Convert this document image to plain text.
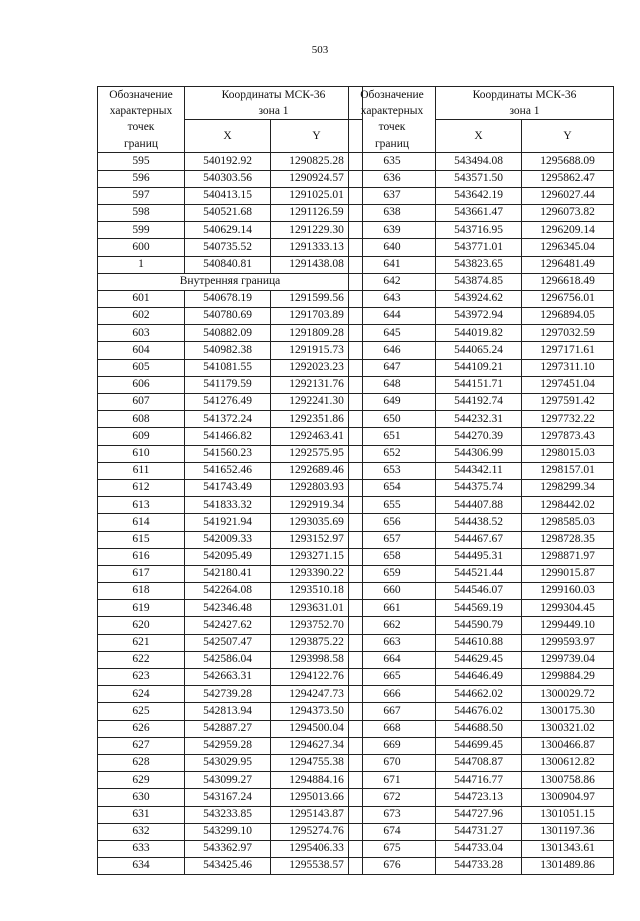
503
Обозначение
характерных
точек
границ	Координаты МСК-36
зона 1	

	X	Y
595	540192.92	1290825.28
596	540303.56	1290924.57
597	540413.15	1291025.01
598	540521.68	1291126.59
599	540629.14	1291229.30
600	540735.52	1291333.13
1	540840.81	1291438.08
Внутренняя граница		
601	540678.19	1291599.56
602	540780.69	1291703.89
603	540882.09	1291809.28
604	540982.38	1291915.73
605	541081.55	1292023.23
606	541179.59	1292131.76
607	541276.49	1292241.30
608	541372.24	1292351.86
609	541466.82	1292463.41
610	541560.23	1292575.95
611	541652.46	1292689.46
612	541743.49	1292803.93
613	541833.32	1292919.34
614	541921.94	1293035.69
615	542009.33	1293152.97
616	542095.49	1293271.15
617	542180.41	1293390.22
618	542264.08	1293510.18
619	542346.48	1293631.01
620	542427.62	1293752.70
621	542507.47	1293875.22
622	542586.04	1293998.58
623	542663.31	1294122.76
624	542739.28	1294247.73
625	542813.94	1294373.50
626	542887.27	1294500.04
627	542959.28	1294627.34
628	543029.95	1294755.38
629	543099.27	1294884.16
630	543167.24	1295013.66
631	543233.85	1295143.87
632	543299.10	1295274.76
633	543362.97	1295406.33
634	543425.46	1295538.57
Обозначение
характерных
точек
границ	Координаты МСК-36
зона 1	

	X	Y
635	543494.08	1295688.09
636	543571.50	1295862.47
637	543642.19	1296027.44
638	543661.47	1296073.82
639	543716.95	1296209.14
640	543771.01	1296345.04
641	543823.65	1296481.49
642	543874.85	1296618.49
643	543924.62	1296756.01
644	543972.94	1296894.05
645	544019.82	1297032.59
646	544065.24	1297171.61
647	544109.21	1297311.10
648	544151.71	1297451.04
649	544192.74	1297591.42
650	544232.31	1297732.22
651	544270.39	1297873.43
652	544306.99	1298015.03
653	544342.11	1298157.01
654	544375.74	1298299.34
655	544407.88	1298442.02
656	544438.52	1298585.03
657	544467.67	1298728.35
658	544495.31	1298871.97
659	544521.44	1299015.87
660	544546.07	1299160.03
661	544569.19	1299304.45
662	544590.79	1299449.10
663	544610.88	1299593.97
664	544629.45	1299739.04
665	544646.49	1299884.29
666	544662.02	1300029.72
667	544676.02	1300175.30
668	544688.50	1300321.02
669	544699.45	1300466.87
670	544708.87	1300612.82
671	544716.77	1300758.86
672	544723.13	1300904.97
673	544727.96	1301051.15
674	544731.27	1301197.36
675	544733.04	1301343.61
676	544733.28	1301489.86
